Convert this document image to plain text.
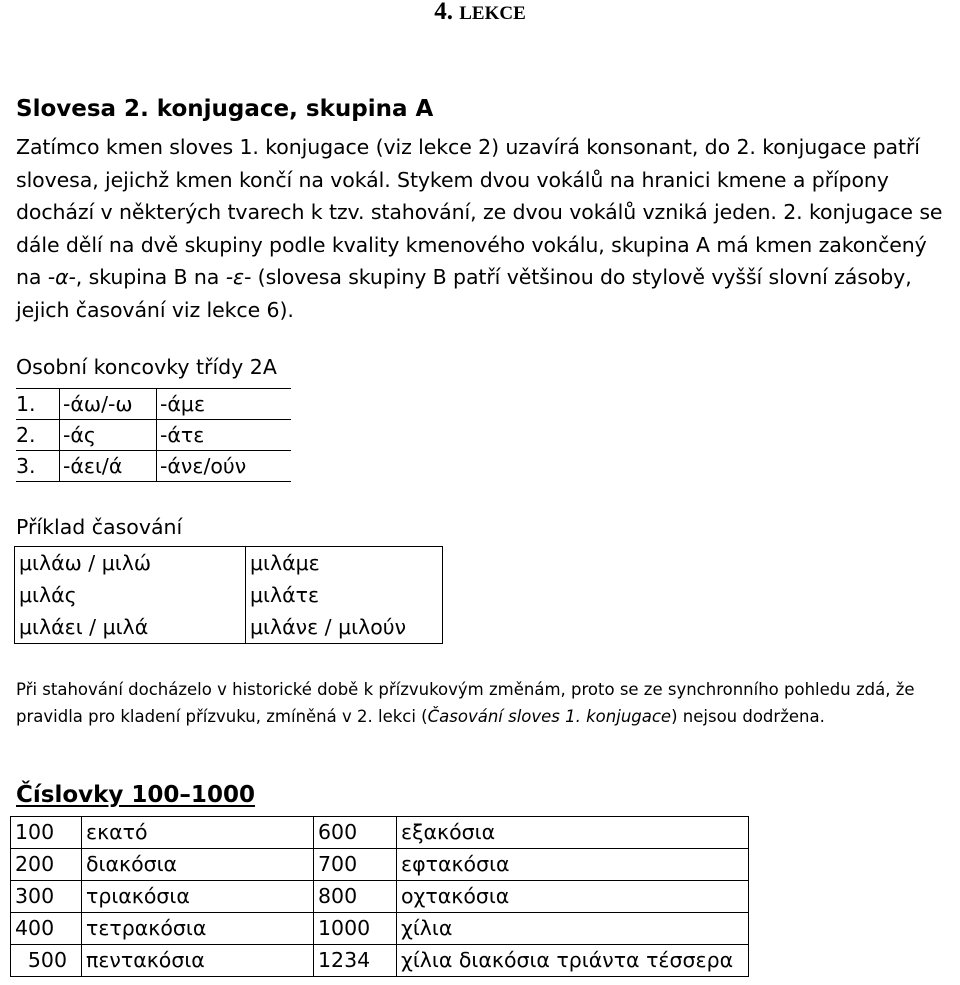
4. LEKCE
Slovesa 2. konjugace, skupina A

Zatímco kmen sloves 1. konjugace (viz lekce 2) uzavírá konsonant, do 2. konjugace patří slovesa, jejichž kmen končí na vokál. Stykem dvou vokálů na hranici kmene a přípony dochází v některých tvarech k tzv. stahování, ze dvou vokálů vzniká jeden. 2. konjugace se dále dělí na dvě skupiny podle kvality kmenového vokálu, skupina A má kmen zakončený na -α-, skupina B na -ε- (slovesa skupiny B patří většinou do stylově vyšší slovní zásoby, jejich časování viz lekce 6).

Osobní koncovky třídy 2A
1.	-άω/-ω	-άμε
2.	-άς	-άτε
3.	-άει/ά	-άνε/ούν
Příklad časování
μιλάω / μιλώ	μιλάμε
μιλάς	μιλάτε
μιλάει / μιλά	μιλάνε / μιλούν

Při stahování docházelo v historické době k přízvukovým změnám, proto se ze synchronního pohledu zdá, že pravidla pro kladení přízvuku, zmíněná v 2. lekci (Časování sloves 1. konjugace) nejsou dodržena.

Číslovky 100–1000
100	εκατό	600	εξακόσια
200	διακόσια	700	εφτακόσια
300	τριακόσια	800	οχτακόσια
400	τετρακόσια	1000	χίλια
500	πεντακόσια	1234	χίλια διακόσια τριάντα τέσσερα
